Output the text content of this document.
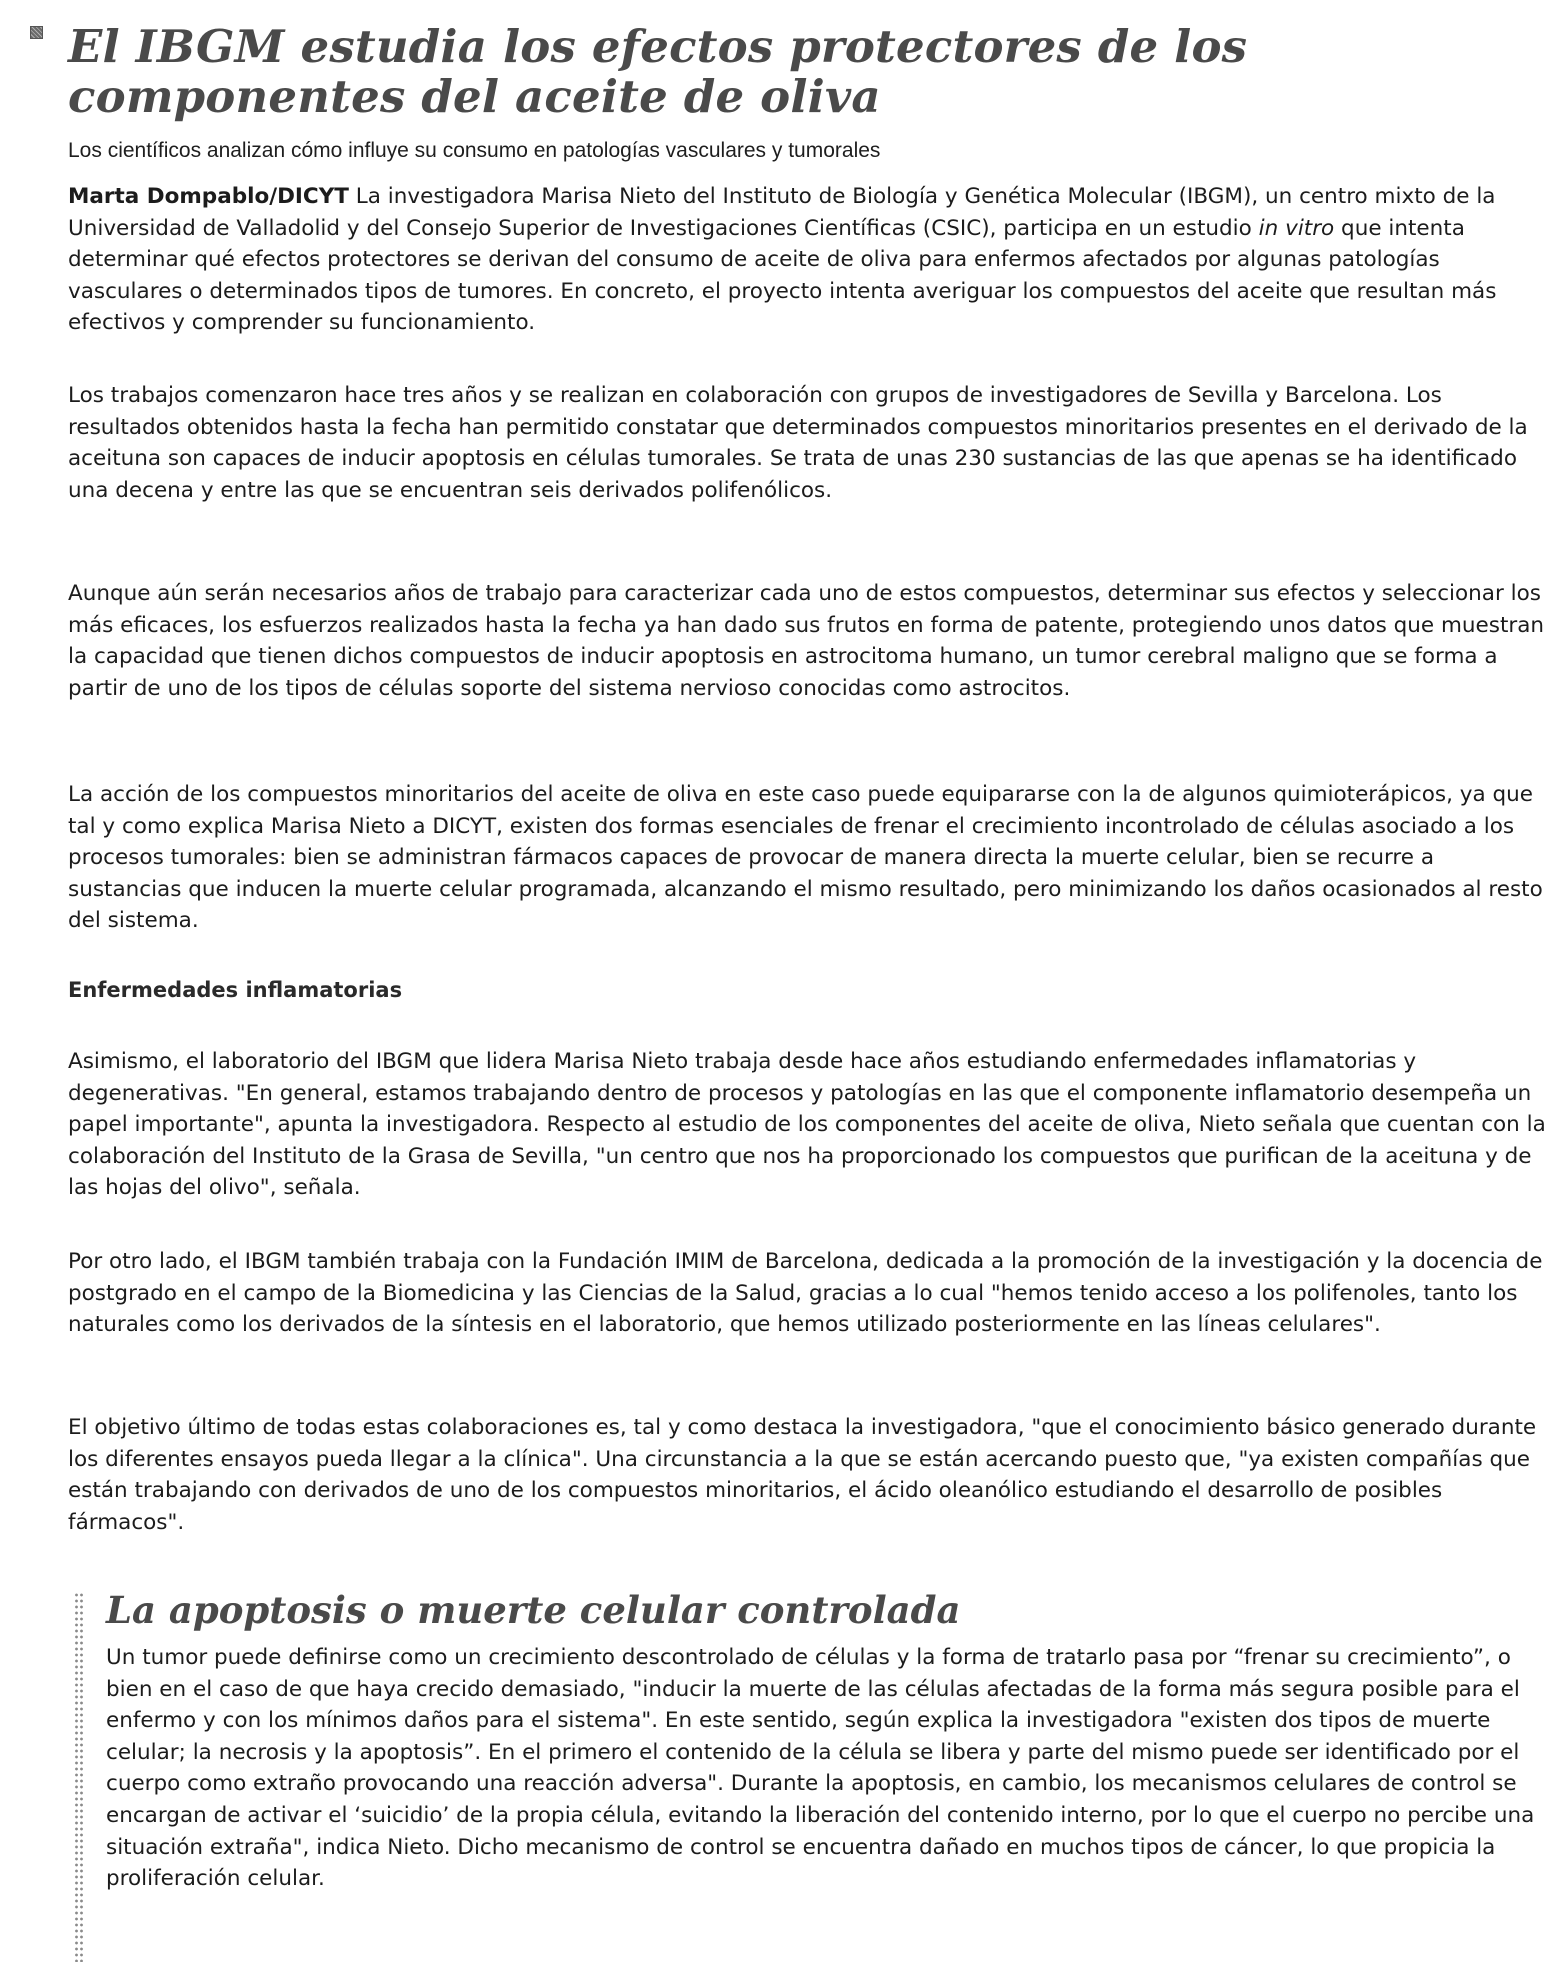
El IBGM estudia los efectos protectores de los componentes del aceite de oliva

Los científicos analizan cómo influye su consumo en patologías vasculares y tumorales

Marta Dompablo/DICYT La investigadora Marisa Nieto del Instituto de Biología y Genética Molecular (IBGM), un centro mixto de la Universidad de Valladolid y del Consejo Superior de Investigaciones Científicas (CSIC), participa en un estudio in vitro que intenta determinar qué efectos protectores se derivan del consumo de aceite de oliva para enfermos afectados por algunas patologías vasculares o determinados tipos de tumores. En concreto, el proyecto intenta averiguar los compuestos del aceite que resultan más efectivos y comprender su funcionamiento.

Los trabajos comenzaron hace tres años y se realizan en colaboración con grupos de investigadores de Sevilla y Barcelona. Los resultados obtenidos hasta la fecha han permitido constatar que determinados compuestos minoritarios presentes en el derivado de la aceituna son capaces de inducir apoptosis en células tumorales. Se trata de unas 230 sustancias de las que apenas se ha identificado una decena y entre las que se encuentran seis derivados polifenólicos.

Aunque aún serán necesarios años de trabajo para caracterizar cada uno de estos compuestos, determinar sus efectos y seleccionar los más eficaces, los esfuerzos realizados hasta la fecha ya han dado sus frutos en forma de patente, protegiendo unos datos que muestran la capacidad que tienen dichos compuestos de inducir apoptosis en astrocitoma humano, un tumor cerebral maligno que se forma a partir de uno de los tipos de células soporte del sistema nervioso conocidas como astrocitos.

La acción de los compuestos minoritarios del aceite de oliva en este caso puede equipararse con la de algunos quimioterápicos, ya que tal y como explica Marisa Nieto a DICYT, existen dos formas esenciales de frenar el crecimiento incontrolado de células asociado a los procesos tumorales: bien se administran fármacos capaces de provocar de manera directa la muerte celular, bien se recurre a sustancias que inducen la muerte celular programada, alcanzando el mismo resultado, pero minimizando los daños ocasionados al resto del sistema.

Enfermedades inflamatorias

Asimismo, el laboratorio del IBGM que lidera Marisa Nieto trabaja desde hace años estudiando enfermedades inflamatorias y degenerativas. "En general, estamos trabajando dentro de procesos y patologías en las que el componente inflamatorio desempeña un papel importante", apunta la investigadora. Respecto al estudio de los componentes del aceite de oliva, Nieto señala que cuentan con la colaboración del Instituto de la Grasa de Sevilla, "un centro que nos ha proporcionado los compuestos que purifican de la aceituna y de las hojas del olivo", señala.

Por otro lado, el IBGM también trabaja con la Fundación IMIM de Barcelona, dedicada a la promoción de la investigación y la docencia de postgrado en el campo de la Biomedicina y las Ciencias de la Salud, gracias a lo cual "hemos tenido acceso a los polifenoles, tanto los naturales como los derivados de la síntesis en el laboratorio, que hemos utilizado posteriormente en las líneas celulares".

El objetivo último de todas estas colaboraciones es, tal y como destaca la investigadora, "que el conocimiento básico generado durante los diferentes ensayos pueda llegar a la clínica". Una circunstancia a la que se están acercando puesto que, "ya existen compañías que están trabajando con derivados de uno de los compuestos minoritarios, el ácido oleanólico estudiando el desarrollo de posibles fármacos".

La apoptosis o muerte celular controlada

Un tumor puede definirse como un crecimiento descontrolado de células y la forma de tratarlo pasa por “frenar su crecimiento”, o bien en el caso de que haya crecido demasiado, "inducir la muerte de las células afectadas de la forma más segura posible para el enfermo y con los mínimos daños para el sistema". En este sentido, según explica la investigadora "existen dos tipos de muerte celular; la necrosis y la apoptosis”. En el primero el contenido de la célula se libera y parte del mismo puede ser identificado por el cuerpo como extraño provocando una reacción adversa". Durante la apoptosis, en cambio, los mecanismos celulares de control se encargan de activar el ‘suicidio’ de la propia célula, evitando la liberación del contenido interno, por lo que el cuerpo no percibe una situación extraña", indica Nieto. Dicho mecanismo de control se encuentra dañado en muchos tipos de cáncer, lo que propicia la proliferación celular.
